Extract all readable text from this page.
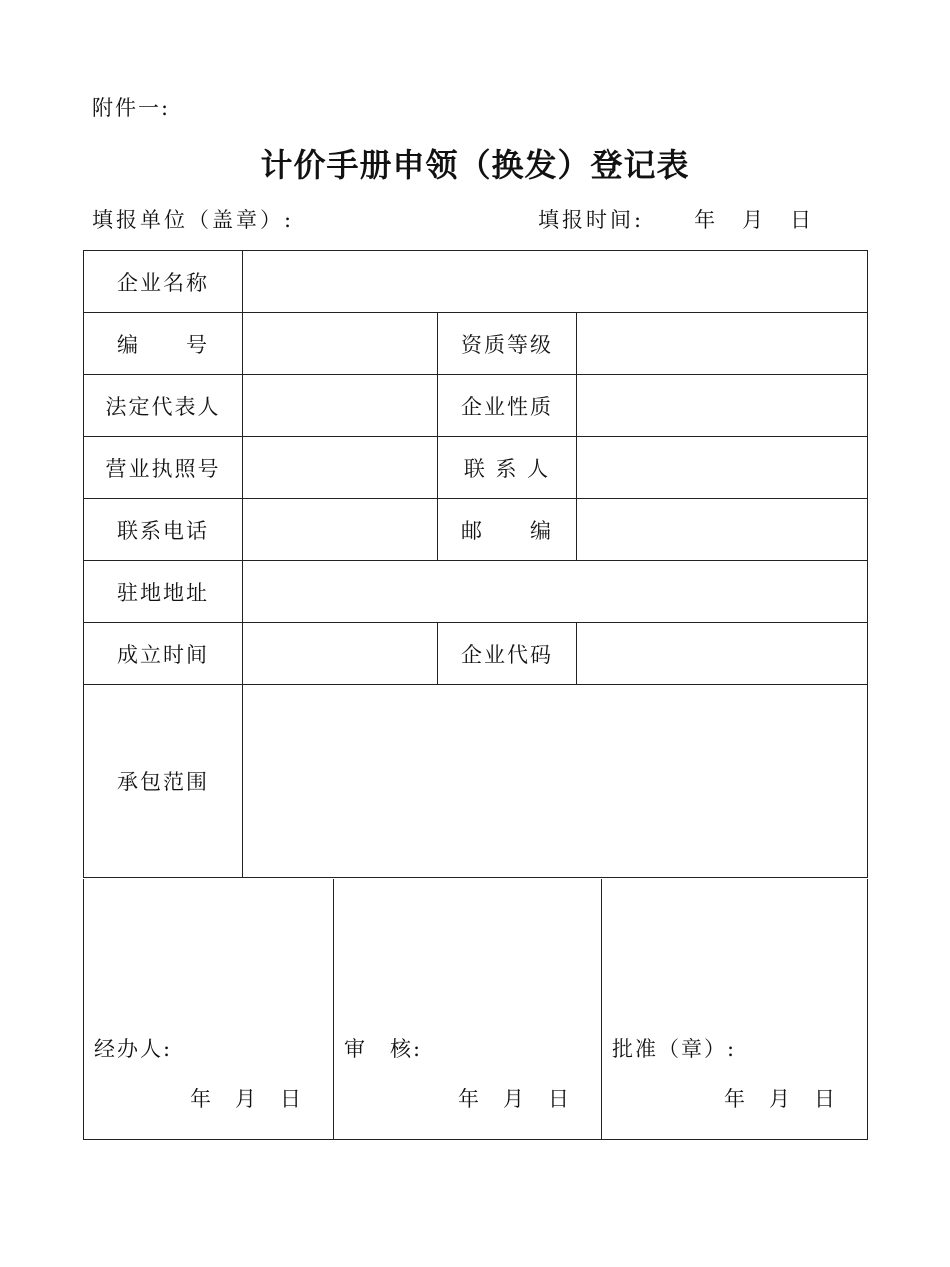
附件一:
计价手册申领（换发）登记表
填报单位（盖章）:	填报时间: 年 月 日
企业名称			
编　　号		资质等级	
法定代表人		企业性质	
营业执照号		联 系 人	
联系电话		邮　　编	
驻地地址			
成立时间		企业代码	
承包范围			
经办人:
年 月 日

审　核:
年 月 日

批准（章）:
年 月 日
